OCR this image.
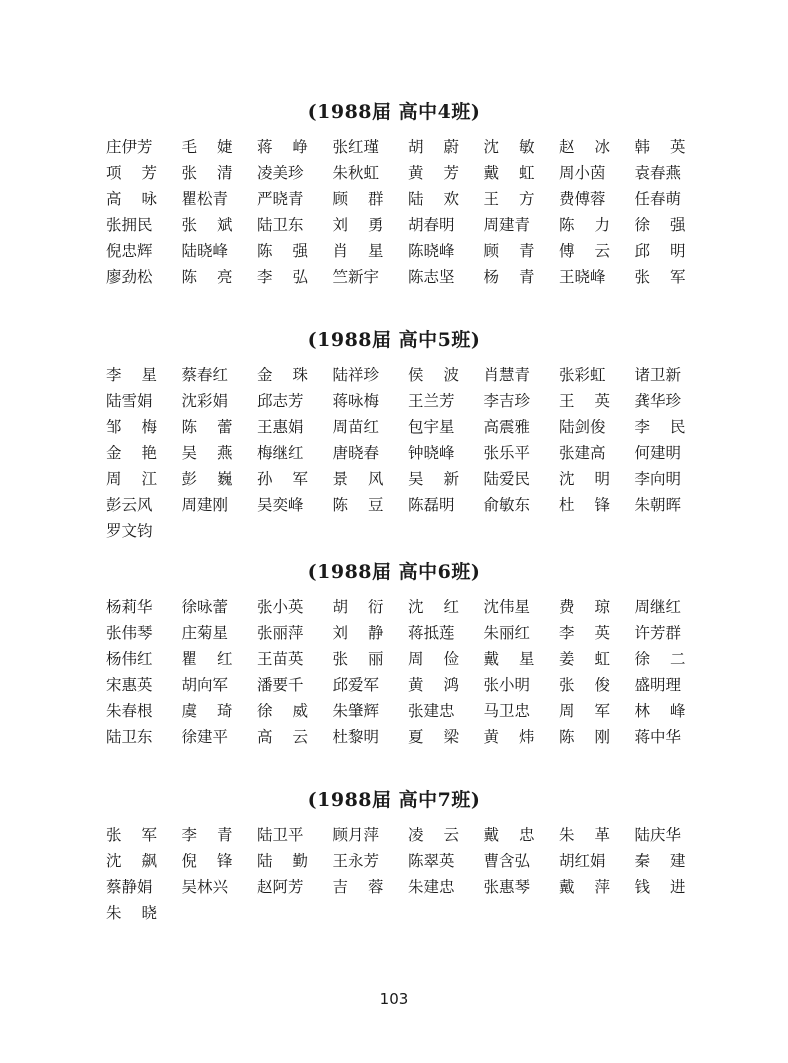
(1988届 高中4班)
庄伊芳 毛 婕 蒋 峥 张红瑾 胡 蔚 沈 敏 赵 冰 韩 英
项 芳 张 清 凌美珍 朱秋虹 黄 芳 戴 虹 周小茵 袁春燕
高 咏 瞿松青 严晓青 顾 群 陆 欢 王 方 费傅蓉 任春萌
张拥民 张 斌 陆卫东 刘 勇 胡春明 周建青 陈 力 徐 强
倪忠辉 陆晓峰 陈 强 肖 星 陈晓峰 顾 青 傅 云 邱 明
廖劲松 陈 亮 李 弘 竺新宇 陈志坚 杨 青 王晓峰 张 军
(1988届 高中5班)
李 星 蔡春红 金 珠 陆祥珍 侯 波 肖慧青 张彩虹 诸卫新
陆雪娟 沈彩娟 邱志芳 蒋咏梅 王兰芳 李吉珍 王 英 龚华珍
邹 梅 陈 蕾 王惠娟 周苗红 包宇星 高震雅 陆剑俊 李 民
金 艳 吴 燕 梅继红 唐晓春 钟晓峰 张乐平 张建高 何建明
周 江 彭 巍 孙 军 景 风 吴 新 陆爱民 沈 明 李向明
彭云风 周建刚 吴奕峰 陈 豆 陈磊明 俞敏东 杜 锋 朱朝晖
罗文钧
(1988届 高中6班)
杨莉华 徐咏蕾 张小英 胡 衍 沈 红 沈伟星 费 琼 周继红
张伟琴 庄菊星 张丽萍 刘 静 蒋抵莲 朱丽红 李 英 许芳群
杨伟红 瞿 红 王苗英 张 丽 周 俭 戴 星 姜 虹 徐 二
宋惠英 胡向军 潘要千 邱爱军 黄 鸿 张小明 张 俊 盛明理
朱春根 虞 琦 徐 威 朱肇辉 张建忠 马卫忠 周 军 林 峰
陆卫东 徐建平 高 云 杜黎明 夏 梁 黄 炜 陈 刚 蒋中华
(1988届 高中7班)
张 军 李 青 陆卫平 顾月萍 凌 云 戴 忠 朱 革 陆庆华
沈 飙 倪 锋 陆 勤 王永芳 陈翠英 曹含弘 胡红娟 秦 建
蔡静娟 吴林兴 赵阿芳 吉 蓉 朱建忠 张惠琴 戴 萍 钱 进
朱 晓
103
